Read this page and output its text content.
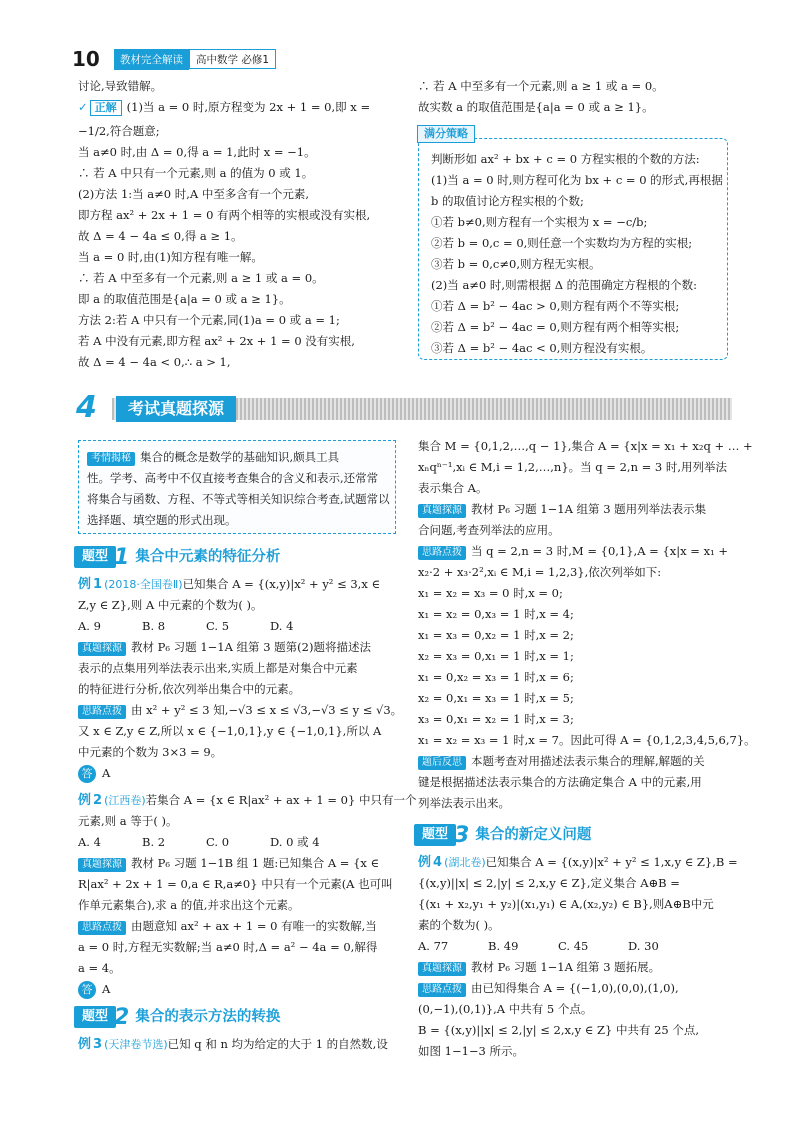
10	教材完全解读	高中数学 必修1

讨论,导致错解。

✓ 正解 (1)当 a = 0 时,原方程变为 2x + 1 = 0,即 x =

−1/2,符合题意;

当 a≠0 时,由 Δ = 0,得 a = 1,此时 x = −1。

∴ 若 A 中只有一个元素,则 a 的值为 0 或 1。

(2)方法 1:当 a≠0 时,A 中至多含有一个元素,

即方程 ax² + 2x + 1 = 0 有两个相等的实根或没有实根,

故 Δ = 4 − 4a ≤ 0,得 a ≥ 1。

当 a = 0 时,由(1)知方程有唯一解。

∴ 若 A 中至多有一个元素,则 a ≥ 1 或 a = 0。

即 a 的取值范围是{a|a = 0 或 a ≥ 1}。

方法 2:若 A 中只有一个元素,同(1)a = 0 或 a = 1;

若 A 中没有元素,即方程 ax² + 2x + 1 = 0 没有实根,

故 Δ = 4 − 4a < 0,∴ a > 1,

∴ 若 A 中至多有一个元素,则 a ≥ 1 或 a = 0。

故实数 a 的取值范围是{a|a = 0 或 a ≥ 1}。

满分策略

判断形如 ax² + bx + c = 0 方程实根的个数的方法:

(1)当 a = 0 时,则方程可化为 bx + c = 0 的形式,再根据

b 的取值讨论方程实根的个数;

①若 b≠0,则方程有一个实根为 x = −c/b;

②若 b = 0,c = 0,则任意一个实数均为方程的实根;

③若 b = 0,c≠0,则方程无实根。

(2)当 a≠0 时,则需根据 Δ 的范围确定方程根的个数:

①若 Δ = b² − 4ac > 0,则方程有两个不等实根;

②若 Δ = b² − 4ac = 0,则方程有两个相等实根;

③若 Δ = b² − 4ac < 0,则方程没有实根。

4	考试真题探源

考情揭秘 集合的概念是数学的基础知识,颇具工具

性。学考、高考中不仅直接考查集合的含义和表示,还常常

将集合与函数、方程、不等式等相关知识综合考查,试题常以

选择题、填空题的形式出现。

题型 1 集合中元素的特征分析

例 1 (2018·全国卷Ⅱ)已知集合 A = {(x,y)|x² + y² ≤ 3,x ∈

Z,y ∈ Z},则 A 中元素的个数为( )。

A. 9	B. 8	C. 5	D. 4

真题探源 教材 P₆ 习题 1−1A 组第 3 题第(2)题将描述法

表示的点集用列举法表示出来,实质上都是对集合中元素

的特征进行分析,依次列举出集合中的元素。

思路点拨 由 x² + y² ≤ 3 知,−√3 ≤ x ≤ √3,−√3 ≤ y ≤ √3。

又 x ∈ Z,y ∈ Z,所以 x ∈ {−1,0,1},y ∈ {−1,0,1},所以 A

中元素的个数为 3×3 = 9。

答 A

例 2 (江西卷)若集合 A = {x ∈ R|ax² + ax + 1 = 0} 中只有一个

元素,则 a 等于( )。

A. 4	B. 2	C. 0	D. 0 或 4

真题探源 教材 P₆ 习题 1−1B 组 1 题:已知集合 A = {x ∈

R|ax² + 2x + 1 = 0,a ∈ R,a≠0} 中只有一个元素(A 也可叫

作单元素集合),求 a 的值,并求出这个元素。

思路点拨 由题意知 ax² + ax + 1 = 0 有唯一的实数解,当

a = 0 时,方程无实数解;当 a≠0 时,Δ = a² − 4a = 0,解得

a = 4。

答 A

题型 2 集合的表示方法的转换

例 3 (天津卷节选)已知 q 和 n 均为给定的大于 1 的自然数,设

集合 M = {0,1,2,…,q − 1},集合 A = {x|x = x₁ + x₂q + … +

xₙqⁿ⁻¹,xᵢ ∈ M,i = 1,2,…,n}。当 q = 2,n = 3 时,用列举法

表示集合 A。

真题探源 教材 P₆ 习题 1−1A 组第 3 题用列举法表示集

合问题,考查列举法的应用。

思路点拨 当 q = 2,n = 3 时,M = {0,1},A = {x|x = x₁ +

x₂·2 + x₃·2²,xᵢ ∈ M,i = 1,2,3},依次列举如下:

x₁ = x₂ = x₃ = 0 时,x = 0;

x₁ = x₂ = 0,x₃ = 1 时,x = 4;

x₁ = x₃ = 0,x₂ = 1 时,x = 2;

x₂ = x₃ = 0,x₁ = 1 时,x = 1;

x₁ = 0,x₂ = x₃ = 1 时,x = 6;

x₂ = 0,x₁ = x₃ = 1 时,x = 5;

x₃ = 0,x₁ = x₂ = 1 时,x = 3;

x₁ = x₂ = x₃ = 1 时,x = 7。因此可得 A = {0,1,2,3,4,5,6,7}。

题后反思 本题考查对用描述法表示集合的理解,解题的关

键是根据描述法表示集合的方法确定集合 A 中的元素,用

列举法表示出来。

题型 3 集合的新定义问题

例 4 (湖北卷)已知集合 A = {(x,y)|x² + y² ≤ 1,x,y ∈ Z},B =

{(x,y)||x| ≤ 2,|y| ≤ 2,x,y ∈ Z},定义集合 A⊕B =

{(x₁ + x₂,y₁ + y₂)|(x₁,y₁) ∈ A,(x₂,y₂) ∈ B},则A⊕B中元

素的个数为( )。

A. 77	B. 49	C. 45	D. 30

真题探源 教材 P₆ 习题 1−1A 组第 3 题拓展。

思路点拨 由已知得集合 A = {(−1,0),(0,0),(1,0),

(0,−1),(0,1)},A 中共有 5 个点。

B = {(x,y)||x| ≤ 2,|y| ≤ 2,x,y ∈ Z} 中共有 25 个点,

如图 1−1−3 所示。
